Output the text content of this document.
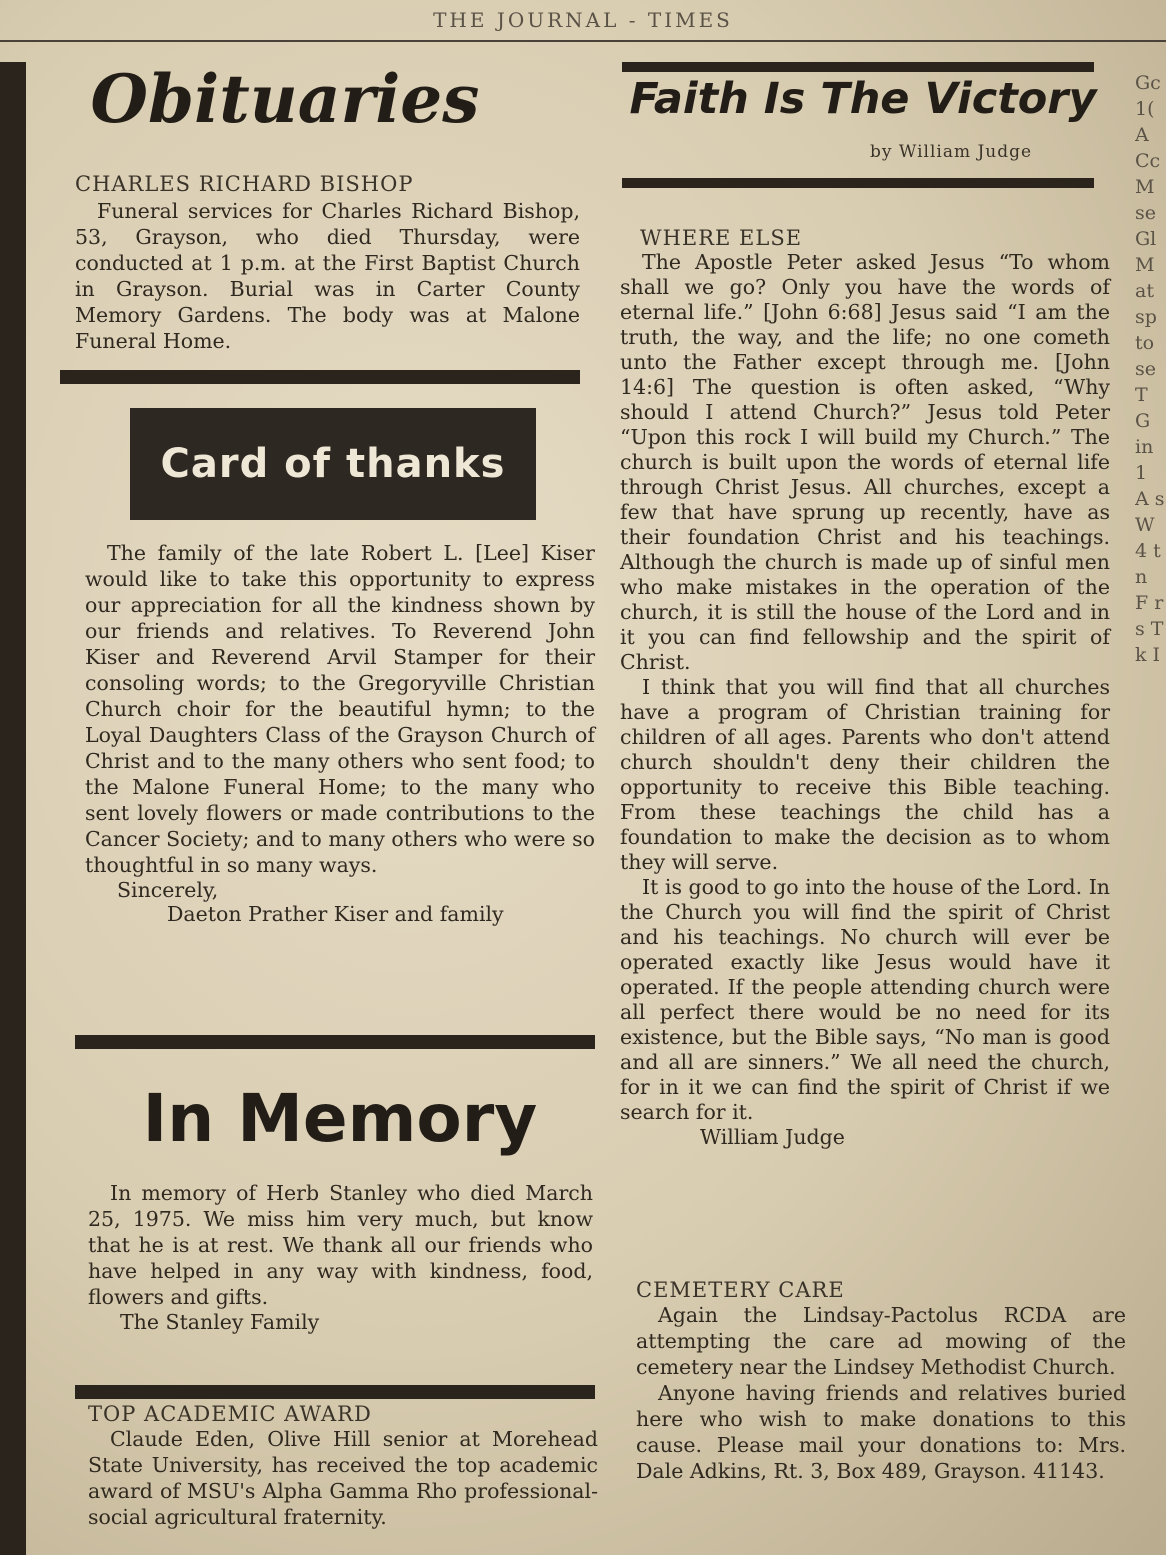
THE JOURNAL - TIMES
Obituaries

CHARLES RICHARD BISHOP

Funeral services for Charles Richard Bishop, 53, Grayson, who died Thursday, were conducted at 1 p.m. at the First Baptist Church in Grayson. Burial was in Carter County Memory Gardens. The body was at Malone Funeral Home.

Card of thanks

The family of the late Robert L. [Lee] Kiser would like to take this opportunity to express our appreciation for all the kindness shown by our friends and relatives. To Reverend John Kiser and Reverend Arvil Stamper for their consoling words; to the Gregoryville Christian Church choir for the beautiful hymn; to the Loyal Daughters Class of the Grayson Church of Christ and to the many others who sent food; to the Malone Funeral Home; to the many who sent lovely flowers or made contributions to the Cancer Society; and to many others who were so thoughtful in so many ways.

Sincerely,
Daeton Prather Kiser and family
In Memory

In memory of Herb Stanley who died March 25, 1975. We miss him very much, but know that he is at rest. We thank all our friends who have helped in any way with kindness, food, flowers and gifts.

The Stanley Family

TOP ACADEMIC AWARD

Claude Eden, Olive Hill senior at Morehead State University, has received the top academic award of MSU's Alpha Gamma Rho professional-social agricultural fraternity.

Faith Is The Victory
by William Judge

WHERE ELSE

The Apostle Peter asked Jesus “To whom shall we go? Only you have the words of eternal life.” [John 6:68] Jesus said “I am the truth, the way, and the life; no one cometh unto the Father except through me. [John 14:6] The question is often asked, “Why should I attend Church?” Jesus told Peter “Upon this rock I will build my Church.” The church is built upon the words of eternal life through Christ Jesus. All churches, except a few that have sprung up recently, have as their foundation Christ and his teachings. Although the church is made up of sinful men who make mistakes in the operation of the church, it is still the house of the Lord and in it you can find fellowship and the spirit of Christ.

I think that you will find that all churches have a program of Christian training for children of all ages. Parents who don't attend church shouldn't deny their children the opportunity to receive this Bible teaching. From these teachings the child has a foundation to make the decision as to whom they will serve.

It is good to go into the house of the Lord. In the Church you will find the spirit of Christ and his teachings. No church will ever be operated exactly like Jesus would have it operated. If the people attending church were all perfect there would be no need for its existence, but the Bible says, “No man is good and all are sinners.” We all need the church, for in it we can find the spirit of Christ if we search for it.

William Judge

CEMETERY CARE

Again the Lindsay-Pactolus RCDA are attempting the care ad mowing of the cemetery near the Lindsey Methodist Church.

Anyone having friends and relatives buried here who wish to make donations to this cause. Please mail your donations to: Mrs. Dale Adkins, Rt. 3, Box 489, Grayson. 41143.

Gc 1( A Cc M se Gl M at sp to se T G in 1 A s W 4 t n F r s T k I
